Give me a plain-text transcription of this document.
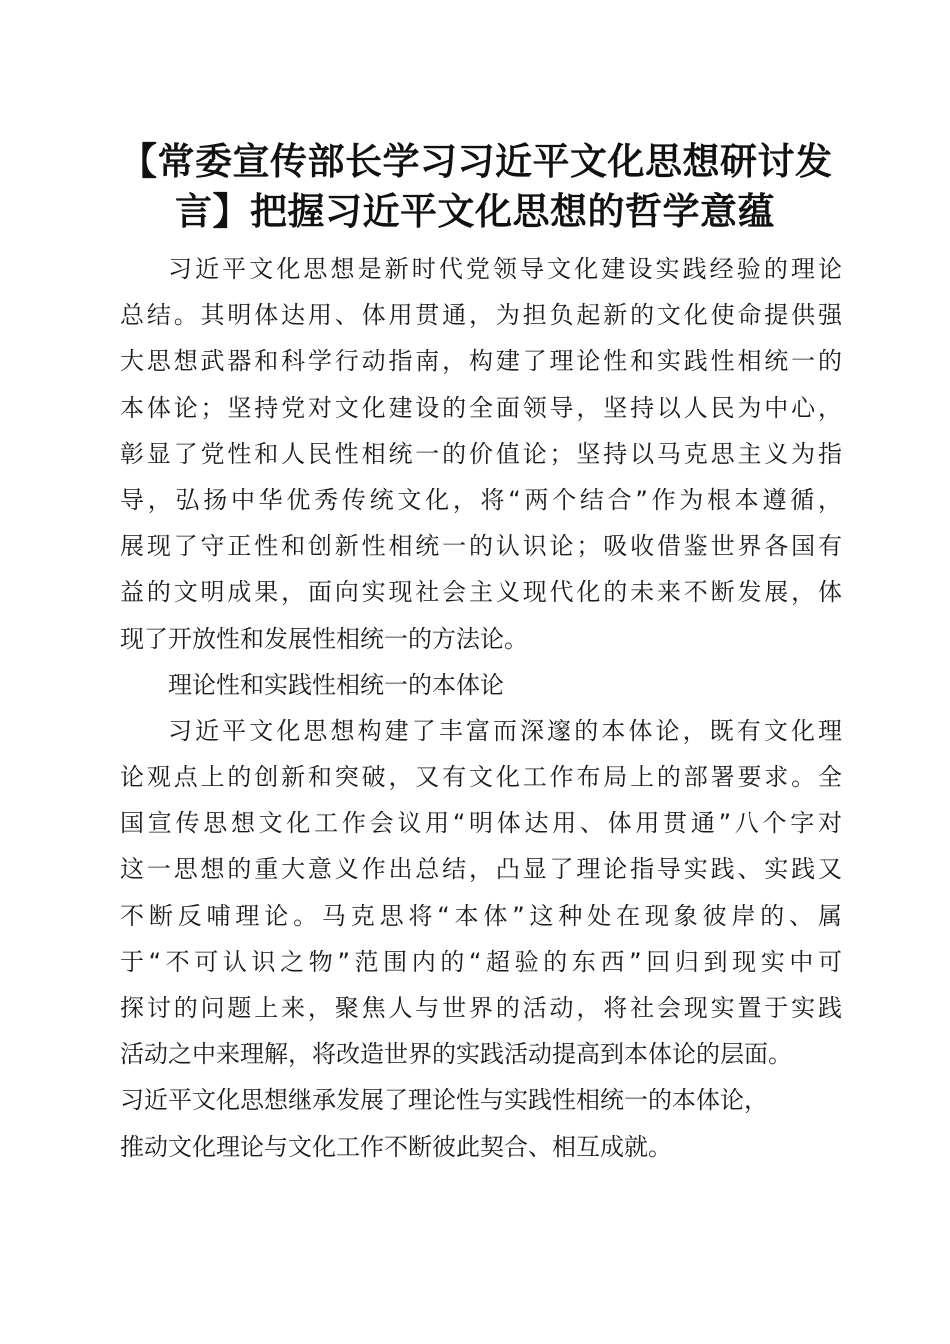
【常委宣传部长学习习近平文化思想研讨发
言】把握习近平文化思想的哲学意蕴
习近平文化思想是新时代党领导文化建设实践经验的理论
总结。其明体达用、体用贯通，为担负起新的文化使命提供强
大思想武器和科学行动指南，构建了理论性和实践性相统一的
本体论；坚持党对文化建设的全面领导，坚持以人民为中心，
彰显了党性和人民性相统一的价值论；坚持以马克思主义为指
导，弘扬中华优秀传统文化，将“两个结合”作为根本遵循，
展现了守正性和创新性相统一的认识论；吸收借鉴世界各国有
益的文明成果，面向实现社会主义现代化的未来不断发展，体
现了开放性和发展性相统一的方法论。
理论性和实践性相统一的本体论
习近平文化思想构建了丰富而深邃的本体论，既有文化理
论观点上的创新和突破，又有文化工作布局上的部署要求。全
国宣传思想文化工作会议用“明体达用、体用贯通”八个字对
这一思想的重大意义作出总结，凸显了理论指导实践、实践又
不断反哺理论。马克思将“本体”这种处在现象彼岸的、属
于“不可认识之物”范围内的“超验的东西”回归到现实中可
探讨的问题上来，聚焦人与世界的活动，将社会现实置于实践
活动之中来理解，将改造世界的实践活动提高到本体论的层面。
习近平文化思想继承发展了理论性与实践性相统一的本体论，
推动文化理论与文化工作不断彼此契合、相互成就。
